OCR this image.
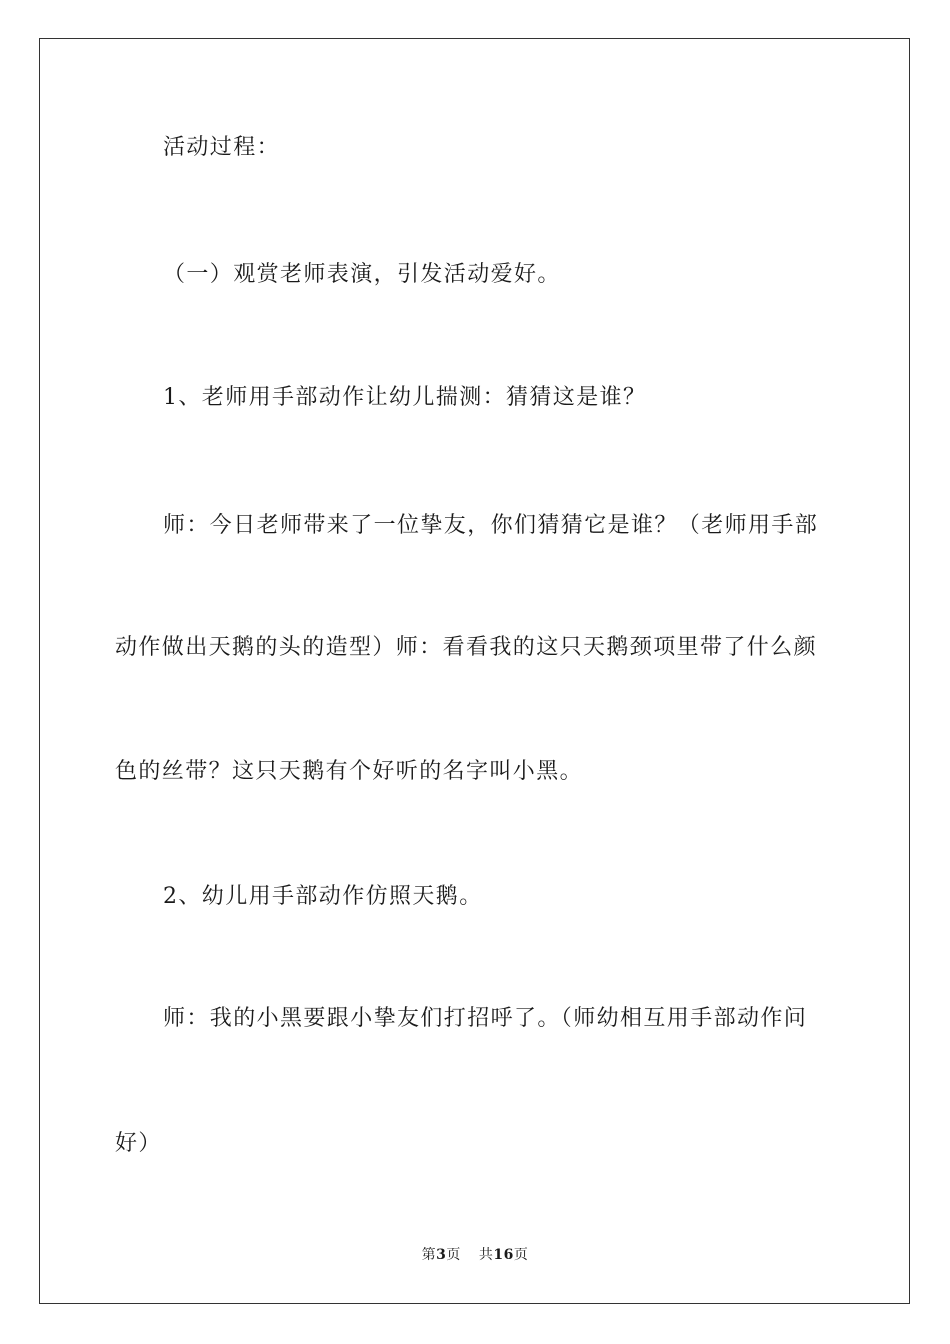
活动过程：
（一）观赏老师表演，引发活动爱好。
1、老师用手部动作让幼儿揣测：猜猜这是谁？
师：今日老师带来了一位挚友，你们猜猜它是谁？（老师用手部
动作做出天鹅的头的造型）师：看看我的这只天鹅颈项里带了什么颜
色的丝带？这只天鹅有个好听的名字叫小黑。
2、幼儿用手部动作仿照天鹅。
师：我的小黑要跟小挚友们打招呼了。（师幼相互用手部动作问
好）
第3页 共16页
